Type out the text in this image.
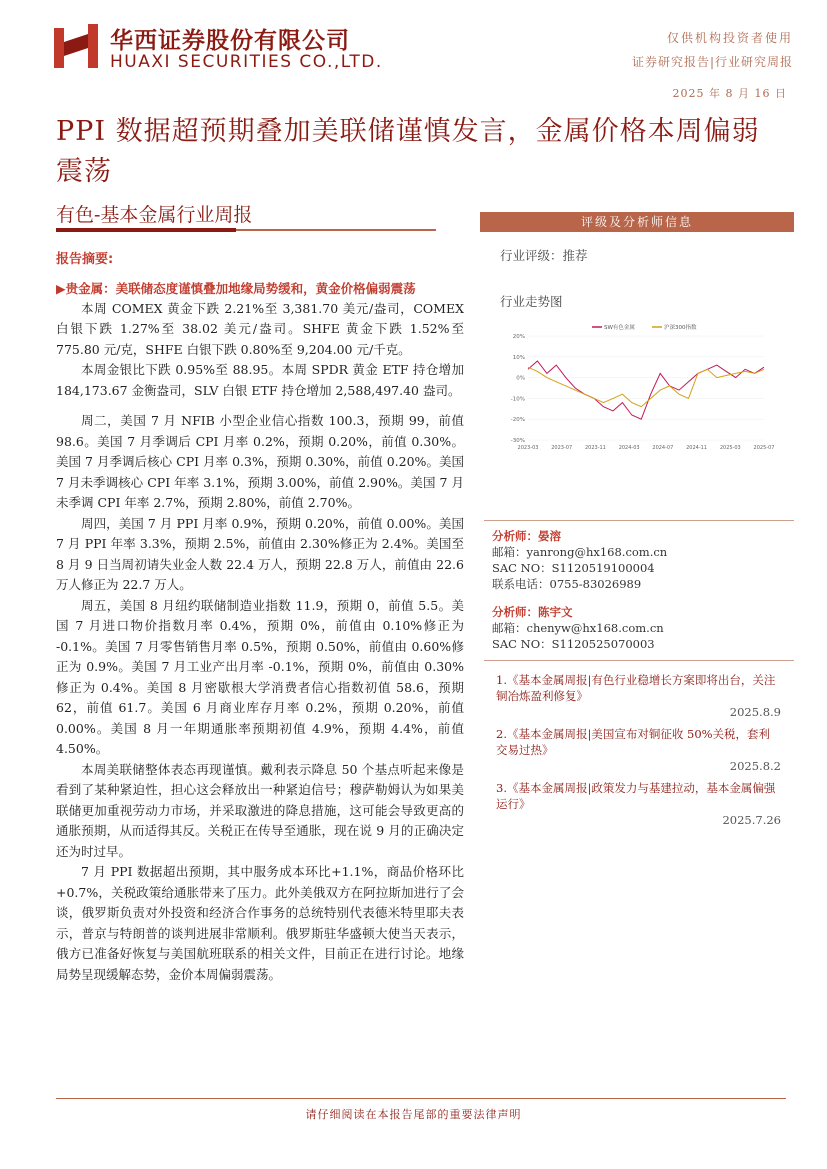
华西证券股份有限公司
HUAXI SECURITIES CO.,LTD.
仅供机构投资者使用
证券研究报告|行业研究周报
2025 年 8 月 16 日
PPI 数据超预期叠加美联储谨慎发言，金属价格本周偏弱震荡
有色-基本金属行业周报
报告摘要:
▶贵金属：美联储态度谨慎叠加地缘局势缓和，黄金价格偏弱震荡

本周 COMEX 黄金下跌 2.21%至 3,381.70 美元/盎司，COMEX 白银下跌 1.27%至 38.02 美元/盎司。SHFE 黄金下跌 1.52%至 775.80 元/克，SHFE 白银下跌 0.80%至 9,204.00 元/千克。

本周金银比下跌 0.95%至 88.95。本周 SPDR 黄金 ETF 持仓增加 184,173.67 金衡盎司，SLV 白银 ETF 持仓增加 2,588,497.40 盎司。

周二，美国 7 月 NFIB 小型企业信心指数 100.3，预期 99，前值 98.6。美国 7 月季调后 CPI 月率 0.2%，预期 0.20%，前值 0.30%。美国 7 月季调后核心 CPI 月率 0.3%，预期 0.30%，前值 0.20%。美国 7 月未季调核心 CPI 年率 3.1%，预期 3.00%，前值 2.90%。美国 7 月未季调 CPI 年率 2.7%，预期 2.80%，前值 2.70%。

周四，美国 7 月 PPI 月率 0.9%，预期 0.20%，前值 0.00%。美国 7 月 PPI 年率 3.3%，预期 2.5%，前值由 2.30%修正为 2.4%。美国至 8 月 9 日当周初请失业金人数 22.4 万人，预期 22.8 万人，前值由 22.6 万人修正为 22.7 万人。

周五，美国 8 月纽约联储制造业指数 11.9，预期 0，前值 5.5。美国 7 月进口物价指数月率 0.4%，预期 0%，前值由 0.10%修正为 -0.1%。美国 7 月零售销售月率 0.5%，预期 0.50%，前值由 0.60%修正为 0.9%。美国 7 月工业产出月率 -0.1%，预期 0%，前值由 0.30%修正为 0.4%。美国 8 月密歇根大学消费者信心指数初值 58.6，预期 62，前值 61.7。美国 6 月商业库存月率 0.2%，预期 0.20%，前值 0.00%。美国 8 月一年期通胀率预期初值 4.9%，预期 4.4%，前值 4.50%。

本周美联储整体表态再现谨慎。戴利表示降息 50 个基点听起来像是看到了某种紧迫性，担心这会释放出一种紧迫信号；穆萨勒姆认为如果美联储更加重视劳动力市场，并采取激进的降息措施，这可能会导致更高的通胀预期，从而适得其反。关税正在传导至通胀，现在说 9 月的正确决定还为时过早。

7 月 PPI 数据超出预期，其中服务成本环比+1.1%，商品价格环比+0.7%，关税政策给通胀带来了压力。此外美俄双方在阿拉斯加进行了会谈，俄罗斯负责对外投资和经济合作事务的总统特别代表德米特里耶夫表示，普京与特朗普的谈判进展非常顺利。俄罗斯驻华盛顿大使当天表示，俄方已准备好恢复与美国航班联系的相关文件，目前正在进行讨论。地缘局势呈现缓解态势，金价本周偏弱震荡。

评级及分析师信息
行业评级：推荐
行业走势图
20%
10%
0%
-10%
-20%
-30%
2023-03	2023-07	2023-11	2024-03	2024-07	2024-11	2025-03	2025-07
SW有色金属	沪深300指数
分析师：晏溶
邮箱：yanrong@hx168.com.cn
SAC NO：S1120519100004
联系电话：0755-83026989
分析师：陈宇文
邮箱：chenyw@hx168.com.cn
SAC NO：S1120525070003
1.《基本金属周报|有色行业稳增长方案即将出台，关注铜冶炼盈利修复》
2025.8.9
2.《基本金属周报|美国宣布对铜征收 50%关税，套利交易过热》
2025.8.2
3.《基本金属周报|政策发力与基建拉动，基本金属偏强运行》
2025.7.26
请仔细阅读在本报告尾部的重要法律声明
